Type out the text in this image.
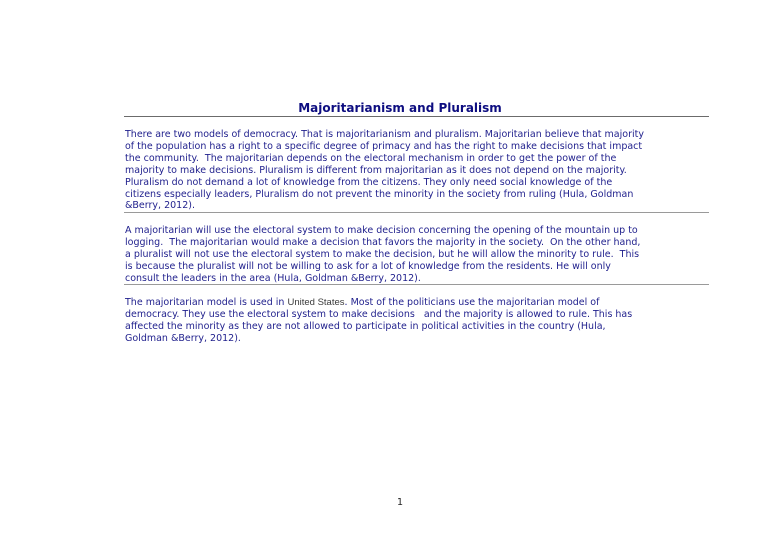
Majoritarianism and Pluralism
There are two models of democracy. That is majoritarianism and pluralism. Majoritarian believe that majority
of the population has a right to a specific degree of primacy and has the right to make decisions that impact
the community.  The majoritarian depends on the electoral mechanism in order to get the power of the
majority to make decisions. Pluralism is different from majoritarian as it does not depend on the majority.
Pluralism do not demand a lot of knowledge from the citizens. They only need social knowledge of the
citizens especially leaders, Pluralism do not prevent the minority in the society from ruling (Hula, Goldman
&Berry, 2012).
A majoritarian will use the electoral system to make decision concerning the opening of the mountain up to
logging.  The majoritarian would make a decision that favors the majority in the society.  On the other hand,
a pluralist will not use the electoral system to make the decision, but he will allow the minority to rule.  This
is because the pluralist will not be willing to ask for a lot of knowledge from the residents. He will only
consult the leaders in the area (Hula, Goldman &Berry, 2012).
The majoritarian model is used in United States. Most of the politicians use the majoritarian model of
democracy. They use the electoral system to make decisions   and the majority is allowed to rule. This has
affected the minority as they are not allowed to participate in political activities in the country (Hula,
Goldman &Berry, 2012).
1
